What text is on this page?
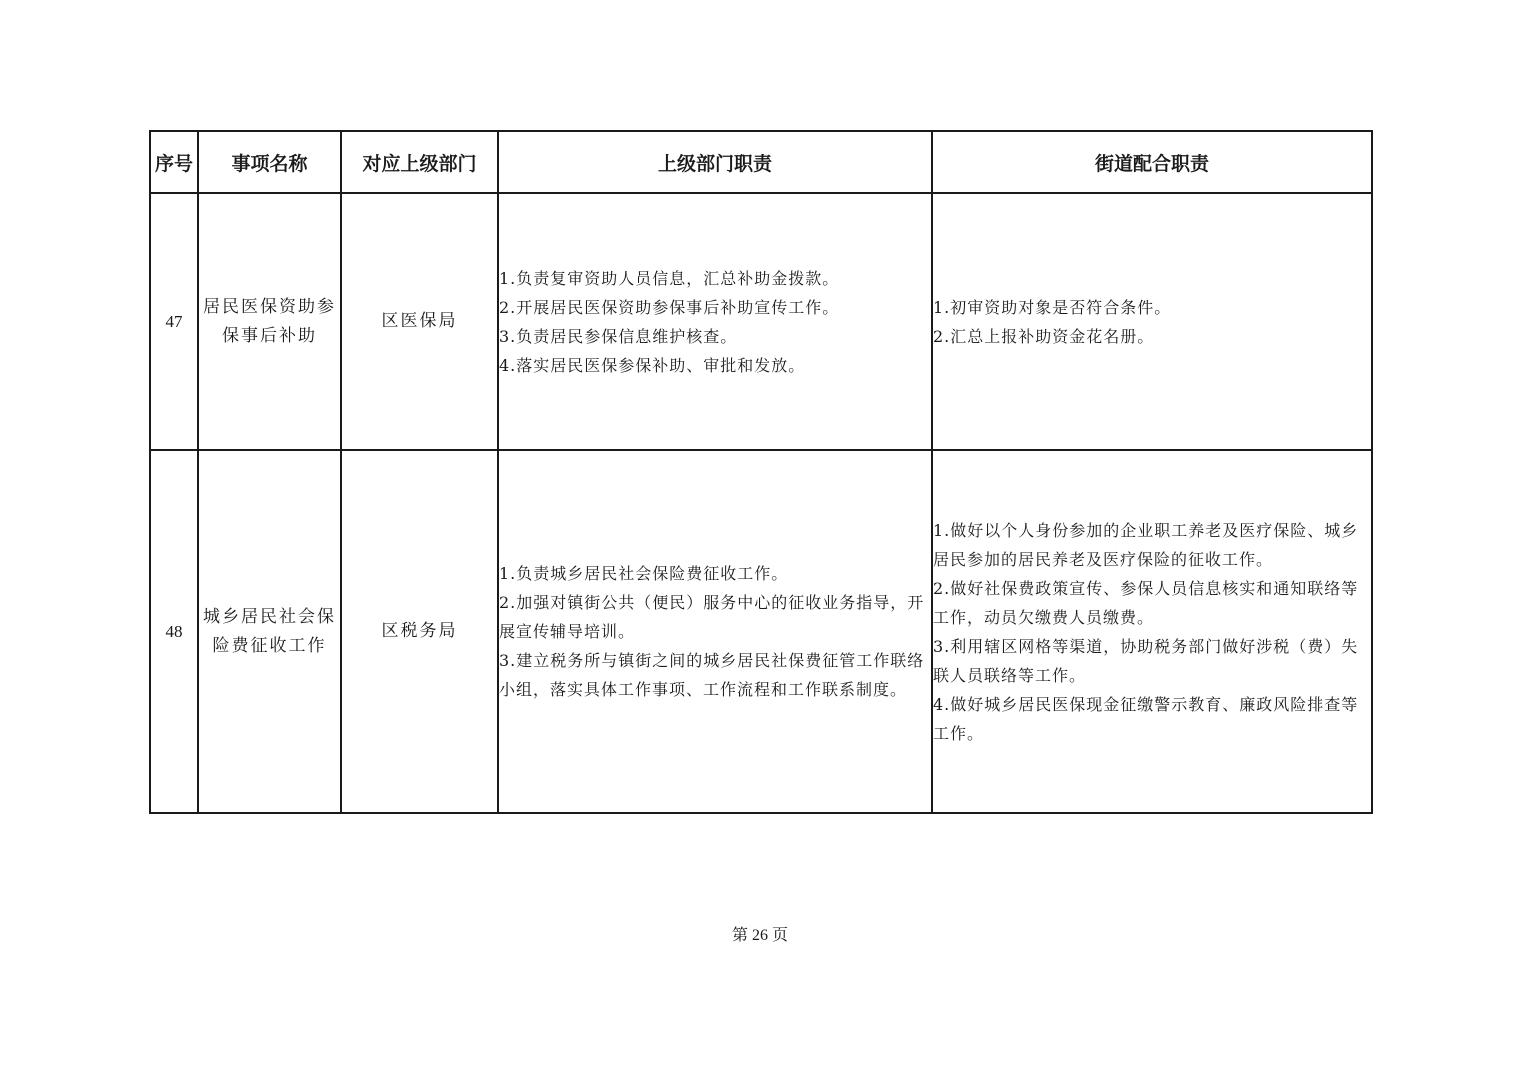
序号	事项名称	对应上级部门	上级部门职责	街道配合职责
47	居民医保资助参保事后补助	区医保局	1.负责复审资助人员信息，汇总补助金拨款。
2.开展居民医保资助参保事后补助宣传工作。
3.负责居民参保信息维护核查。
4.落实居民医保参保补助、审批和发放。	1.初审资助对象是否符合条件。
2.汇总上报补助资金花名册。

48	城乡居民社会保险费征收工作	区税务局	1.负责城乡居民社会保险费征收工作。
2.加强对镇街公共（便民）服务中心的征收业务指导，开展宣传辅导培训。
3.建立税务所与镇街之间的城乡居民社保费征管工作联络小组，落实具体工作事项、工作流程和工作联系制度。	1.做好以个人身份参加的企业职工养老及医疗保险、城乡居民参加的居民养老及医疗保险的征收工作。
2.做好社保费政策宣传、参保人员信息核实和通知联络等工作，动员欠缴费人员缴费。
3.利用辖区网格等渠道，协助税务部门做好涉税（费）失联人员联络等工作。
4.做好城乡居民医保现金征缴警示教育、廉政风险排查等工作。
第 26 页
